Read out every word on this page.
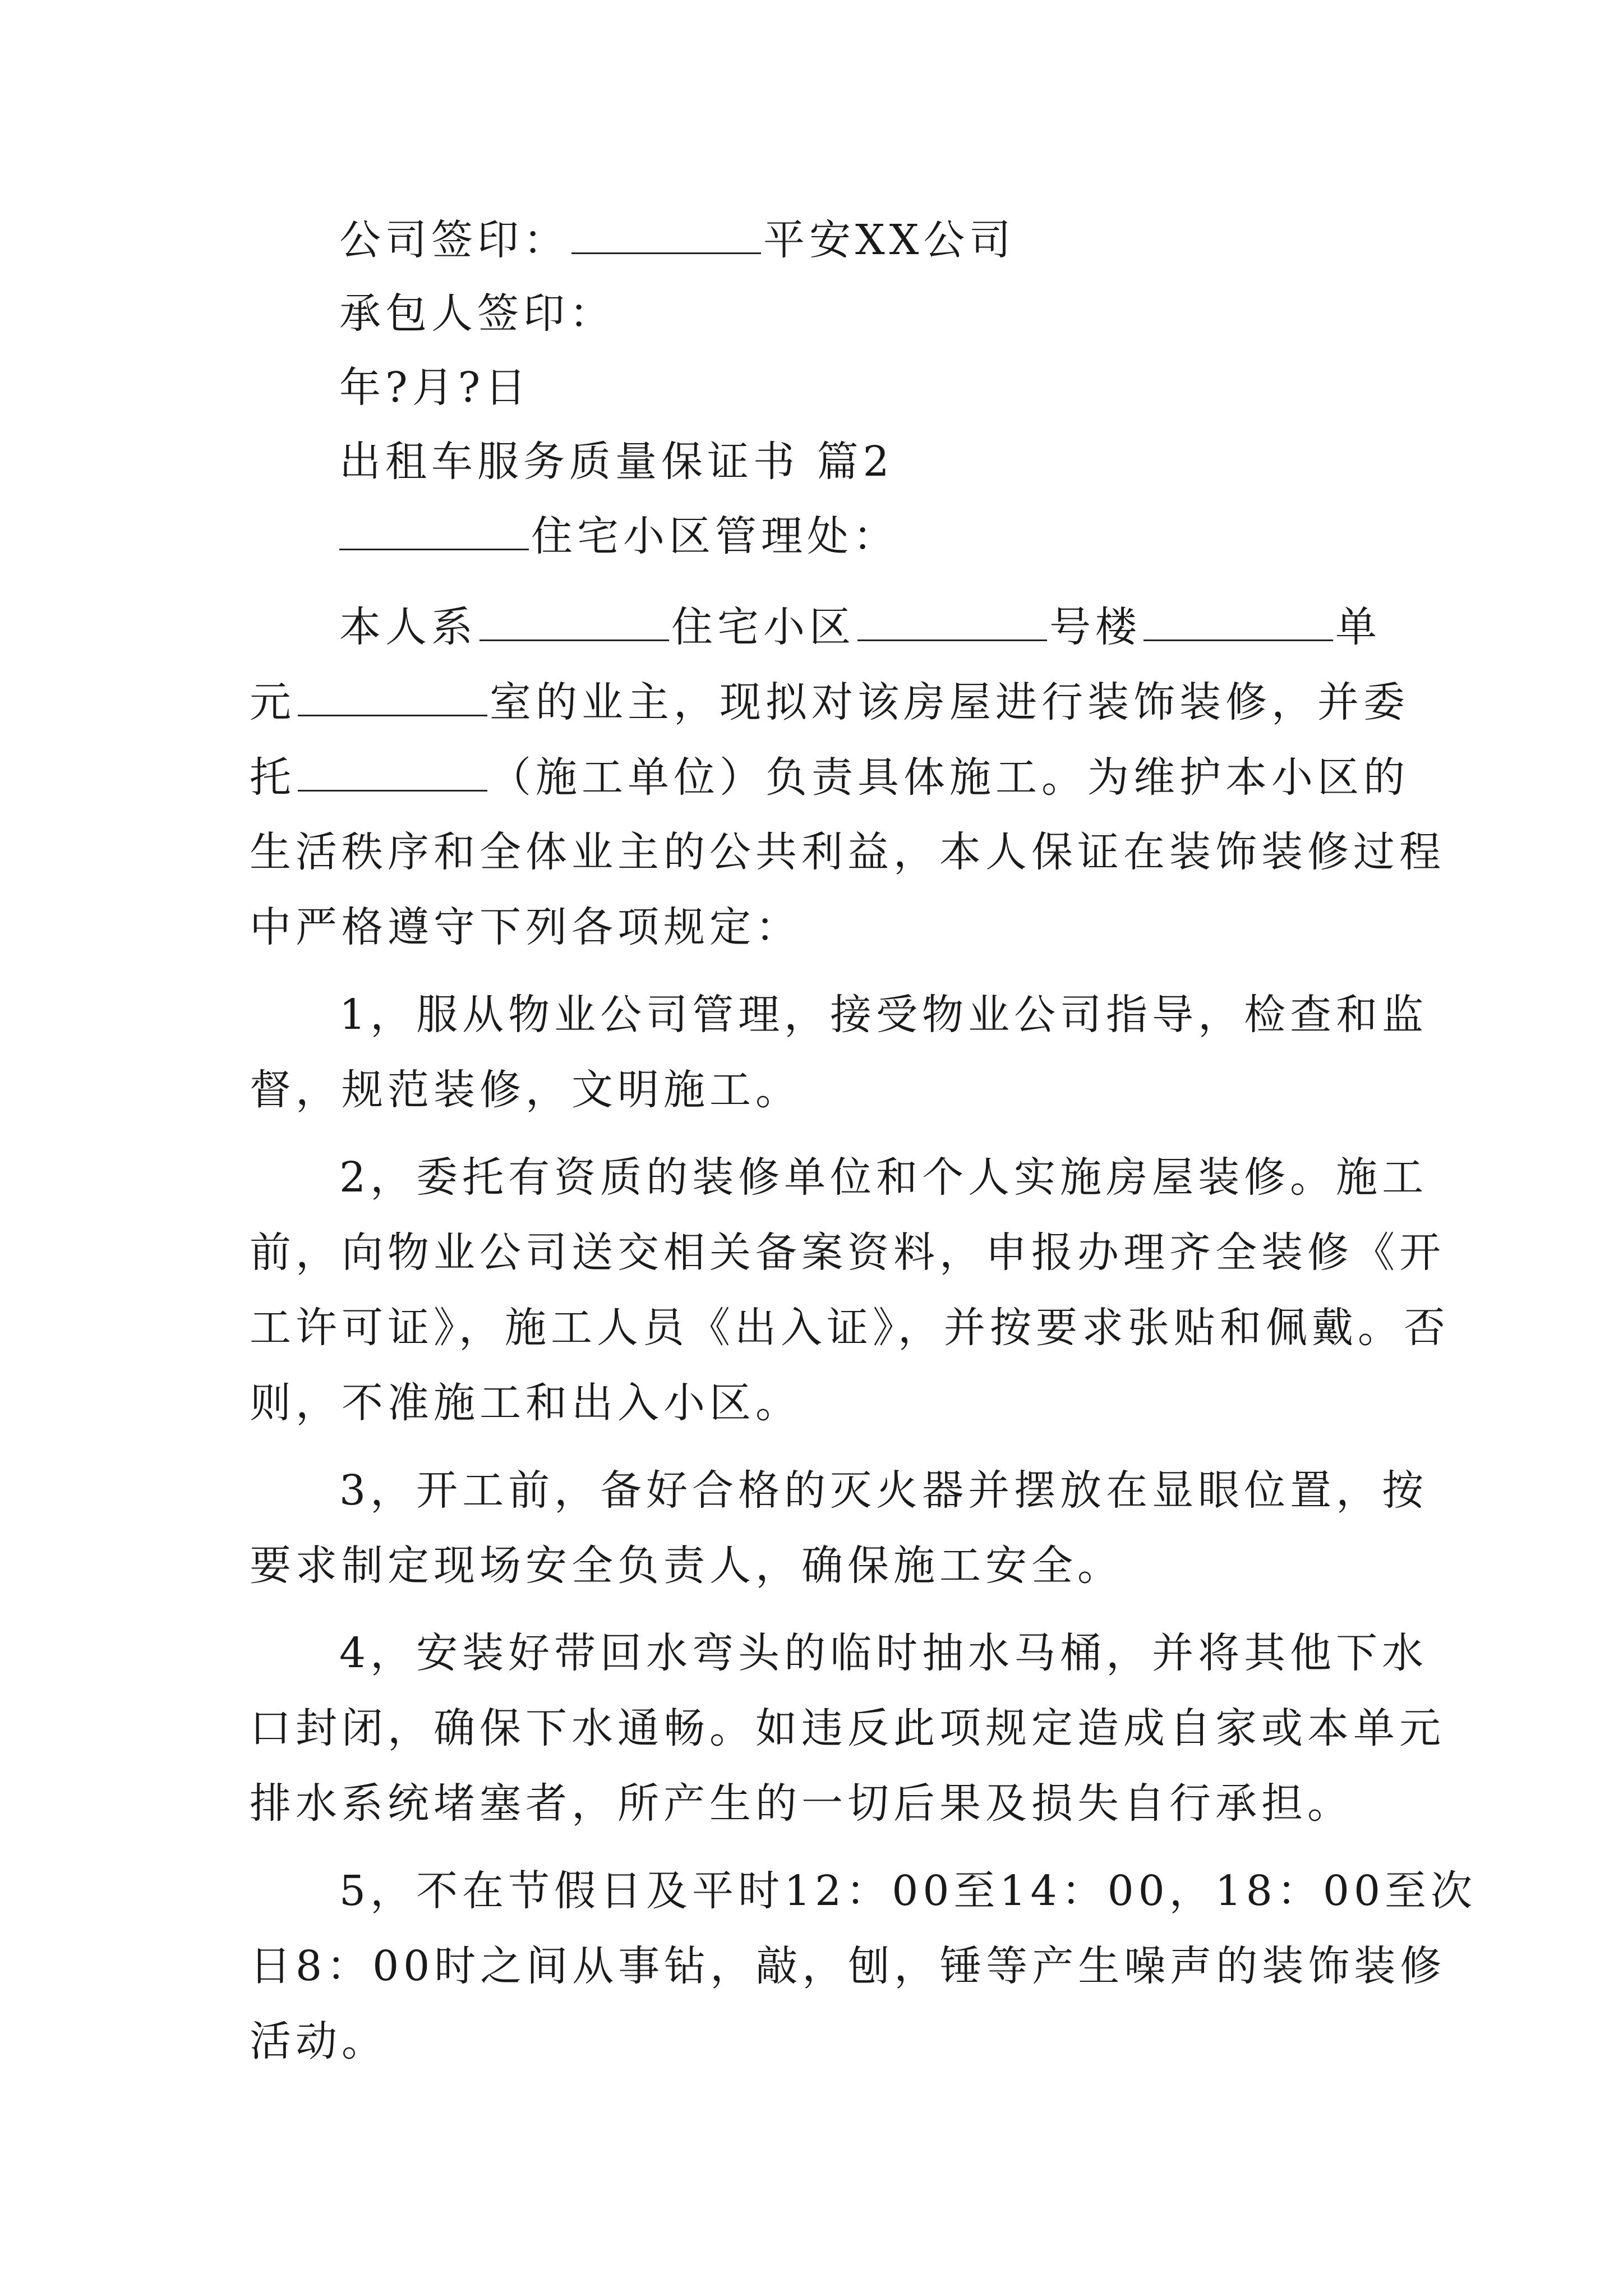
公司签印：	平安XX公司
承包人签印：
年?月?日
出租车服务质量保证书 篇2
住宅小区管理处：
本人系	住宅小区	号楼	单
元	室的业主，现拟对该房屋进行装饰装修，并委
托	（施工单位）负责具体施工。为维护本小区的
生活秩序和全体业主的公共利益，本人保证在装饰装修过程
中严格遵守下列各项规定：
1，服从物业公司管理，接受物业公司指导，检查和监
督，规范装修，文明施工。
2，委托有资质的装修单位和个人实施房屋装修。施工
前，向物业公司送交相关备案资料，申报办理齐全装修《开
工许可证》，施工人员《出入证》，并按要求张贴和佩戴。否
则，不准施工和出入小区。
3，开工前，备好合格的灭火器并摆放在显眼位置，按
要求制定现场安全负责人，确保施工安全。
4，安装好带回水弯头的临时抽水马桶，并将其他下水
口封闭，确保下水通畅。如违反此项规定造成自家或本单元
排水系统堵塞者，所产生的一切后果及损失自行承担。
5，不在节假日及平时12：00至14：00，18：00至次
日8：00时之间从事钻，敲，刨，锤等产生噪声的装饰装修
活动。
